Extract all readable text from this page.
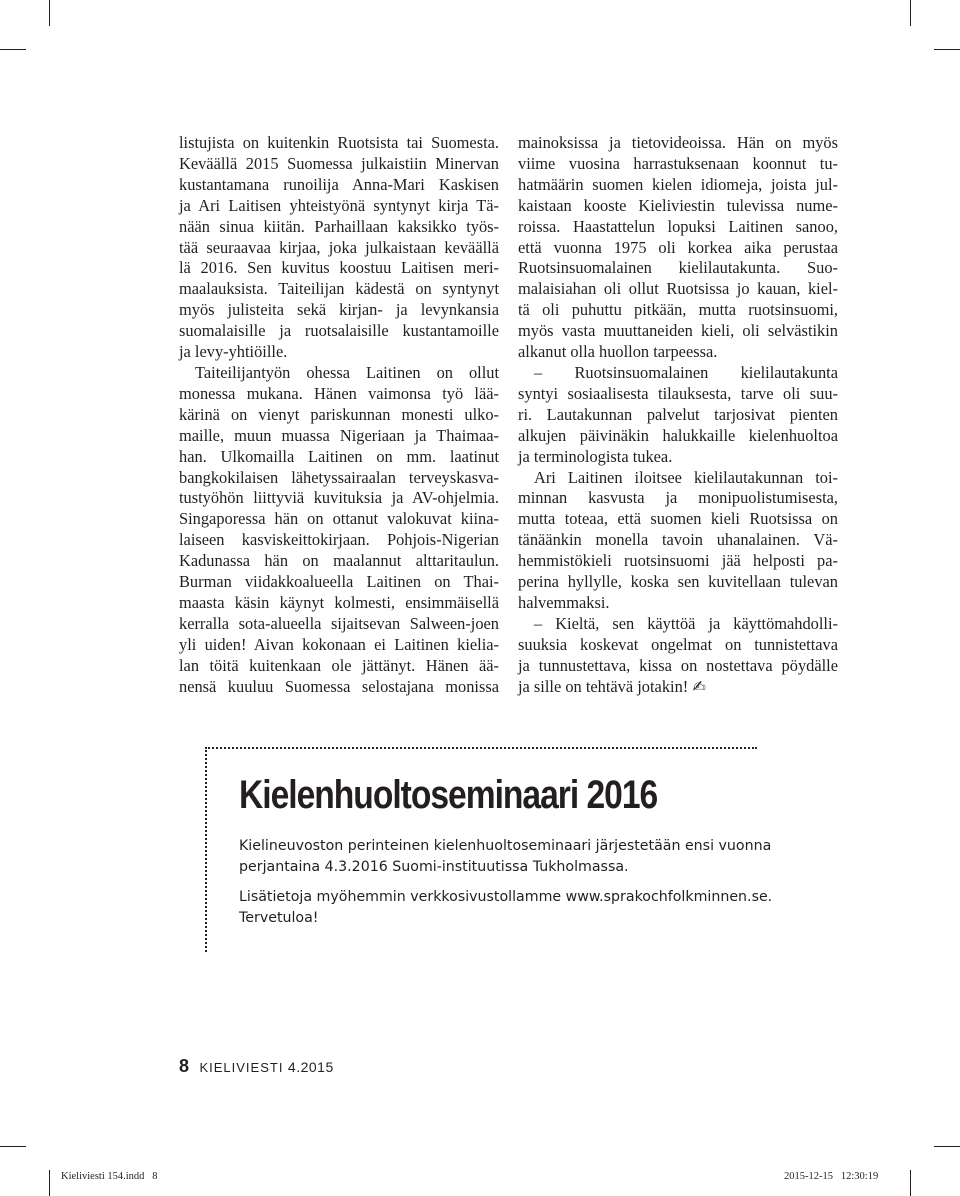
listujista on kuitenkin Ruotsista tai Suomesta.
Keväällä 2015 Suomessa julkaistiin Minervan
kustantamana runoilija Anna-Mari Kaskisen
ja Ari Laitisen yhteistyönä syntynyt kirja Tä-
nään sinua kiitän. Parhaillaan kaksikko työs-
tää seuraavaa kirjaa, joka julkaistaan keväällä
lä 2016. Sen kuvitus koostuu Laitisen meri-
maalauksista. Taiteilijan kädestä on syntynyt
myös julisteita sekä kirjan- ja levynkansia
suomalaisille ja ruotsalaisille kustantamoille
ja levy-yhtiöille.

Taiteilijantyön ohessa Laitinen on ollut
monessa mukana. Hänen vaimonsa työ lää-
kärinä on vienyt pariskunnan monesti ulko-
maille, muun muassa Nigeriaan ja Thaimaa-
han. Ulkomailla Laitinen on mm. laatinut
bangkokilaisen lähetyssairaalan terveyskasva-
tustyöhön liittyviä kuvituksia ja AV-ohjelmia.
Singaporessa hän on ottanut valokuvat kiina-
laiseen kasviskeittokirjaan. Pohjois-Nigerian
Kadunassa hän on maalannut alttaritaulun.
Burman viidakkoalueella Laitinen on Thai-
maasta käsin käynyt kolmesti, ensimmäisellä
kerralla sota-alueella sijaitsevan Salween-joen
yli uiden! Aivan kokonaan ei Laitinen kielia-
lan töitä kuitenkaan ole jättänyt. Hänen ää-
nensä kuuluu Suomessa selostajana monissa

mainoksissa ja tietovideoissa. Hän on myös
viime vuosina harrastuksenaan koonnut tu-
hatmäärin suomen kielen idiomeja, joista jul-
kaistaan kooste Kieliviestin tulevissa nume-
roissa. Haastattelun lopuksi Laitinen sanoo,
että vuonna 1975 oli korkea aika perustaa
Ruotsinsuomalainen kielilautakunta. Suo-
malaisiahan oli ollut Ruotsissa jo kauan, kiel-
tä oli puhuttu pitkään, mutta ruotsinsuomi,
myös vasta muuttaneiden kieli, oli selvästikin
alkanut olla huollon tarpeessa.

– Ruotsinsuomalainen kielilautakunta
syntyi sosiaalisesta tilauksesta, tarve oli suu-
ri. Lautakunnan palvelut tarjosivat pienten
alkujen päivinäkin halukkaille kielenhuoltoa
ja terminologista tukea.

Ari Laitinen iloitsee kielilautakunnan toi-
minnan kasvusta ja monipuolistumisesta,
mutta toteaa, että suomen kieli Ruotsissa on
tänäänkin monella tavoin uhanalainen. Vä-
hemmistökieli ruotsinsuomi jää helposti pa-
perina hyllylle, koska sen kuvitellaan tulevan
halvemmaksi.

– Kieltä, sen käyttöä ja käyttömahdolli-
suuksia koskevat ongelmat on tunnistettava
ja tunnustettava, kissa on nostettava pöydälle
ja sille on tehtävä jotakin! ✍

Kielenhuoltoseminaari 2016

Kielineuvoston perinteinen kielenhuoltoseminaari järjestetään ensi vuonna
perjantaina 4.3.2016 Suomi-instituutissa Tukholmassa.

Lisätietoja myöhemmin verkkosivustollamme www.sprakochfolkminnen.se.
Tervetuloa!

8 KIELIVIESTI 4.2015
Kieliviesti 154.indd   8	2015-12-15   12:30:19
